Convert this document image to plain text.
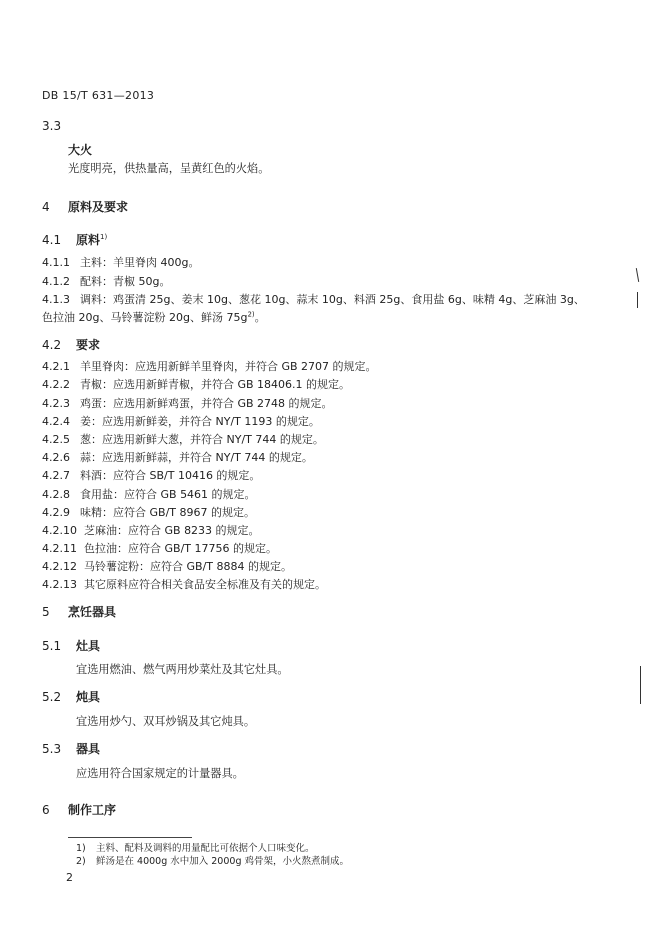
DB 15/T 631—2013
3.3
大火
光度明亮，供热量高，呈黄红色的火焰。
4 原料及要求
4.1 原料$^{1)}$
4.1.1 主料：羊里脊肉 400g。
4.1.2 配料：青椒 50g。
4.1.3 调料：鸡蛋清 25g、姜末 10g、葱花 10g、蒜末 10g、料酒 25g、食用盐 6g、味精 4g、芝麻油 3g、
色拉油 20g、马铃薯淀粉 20g、鲜汤 $75g^{2)}$。
4.2 要求
4.2.1 羊里脊肉：应选用新鲜羊里脊肉，并符合 GB 2707 的规定。
4.2.2 青椒：应选用新鲜青椒，并符合 GB 18406.1 的规定。
4.2.3 鸡蛋：应选用新鲜鸡蛋，并符合 GB 2748 的规定。
4.2.4 姜：应选用新鲜姜，并符合 NY/T 1193 的规定。
4.2.5 葱：应选用新鲜大葱，并符合 NY/T 744 的规定。
4.2.6 蒜：应选用新鲜蒜，并符合 NY/T 744 的规定。
4.2.7 料酒：应符合 SB/T 10416 的规定。
4.2.8 食用盐：应符合 GB 5461 的规定。
4.2.9 味精：应符合 GB/T 8967 的规定。
4.2.10 芝麻油：应符合 GB 8233 的规定。
4.2.11 色拉油：应符合 GB/T 17756 的规定。
4.2.12 马铃薯淀粉：应符合 GB/T 8884 的规定。
4.2.13 其它原料应符合相关食品安全标准及有关的规定。
5 烹饪器具
5.1 灶具
宜选用燃油、燃气两用炒菜灶及其它灶具。
5.2 炖具
宜选用炒勺、双耳炒锅及其它炖具。
5.3 器具
应选用符合国家规定的计量器具。
6 制作工序
1) 主料、配料及调料的用量配比可依据个人口味变化。
2) 鲜汤是在 4000g 水中加入 2000g 鸡骨架，小火熬煮制成。
2
